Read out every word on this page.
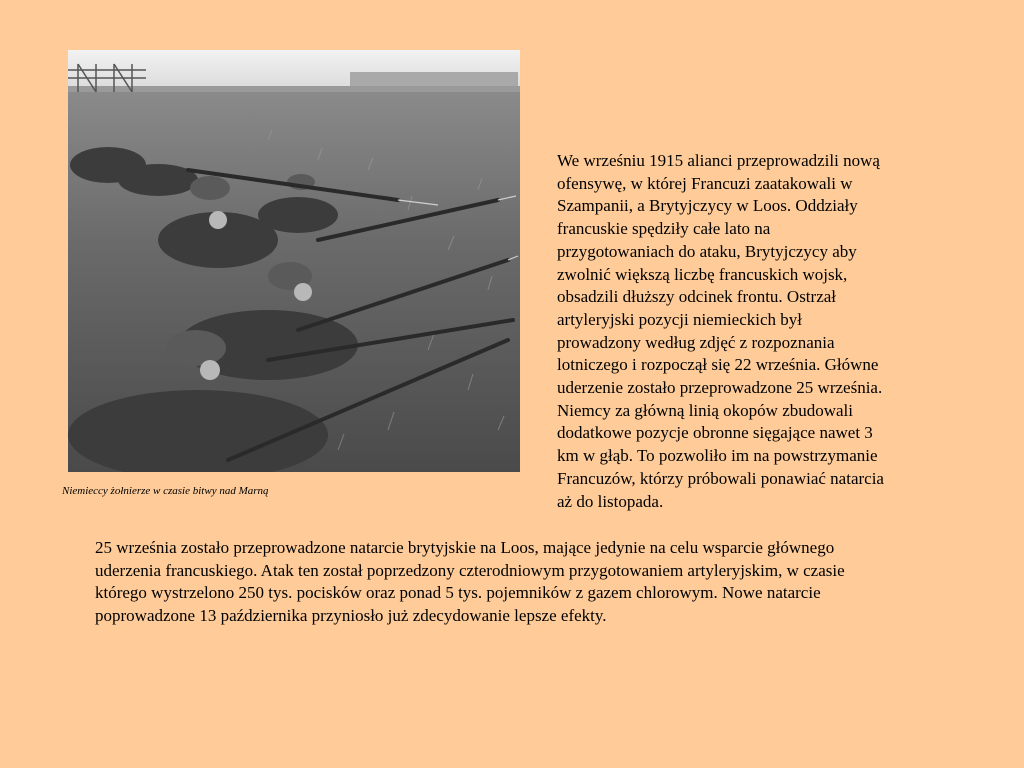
Niemieccy żołnierze w czasie bitwy nad Marną
We wrześniu 1915 alianci przeprowadzili nową
ofensywę, w której Francuzi zaatakowali w
Szampanii, a Brytyjczycy w Loos. Oddziały
francuskie spędziły całe lato na
przygotowaniach do ataku, Brytyjczycy aby
zwolnić większą liczbę francuskich wojsk,
obsadzili dłuższy odcinek frontu. Ostrzał
artyleryjski pozycji niemieckich był
prowadzony według zdjęć z rozpoznania
lotniczego i rozpoczął się 22 września. Główne
uderzenie zostało przeprowadzone 25 września.
Niemcy za główną linią okopów zbudowali
dodatkowe pozycje obronne sięgające nawet 3
km w głąb. To pozwoliło im na powstrzymanie
Francuzów, którzy próbowali ponawiać natarcia
aż do listopada.
25 września zostało przeprowadzone natarcie brytyjskie na Loos, mające jedynie na celu wsparcie głównego
uderzenia francuskiego. Atak ten został poprzedzony czterodniowym przygotowaniem artyleryjskim, w czasie
którego wystrzelono 250 tys. pocisków oraz ponad 5 tys. pojemników z gazem chlorowym. Nowe natarcie
poprowadzone 13 października przyniosło już zdecydowanie lepsze efekty.
